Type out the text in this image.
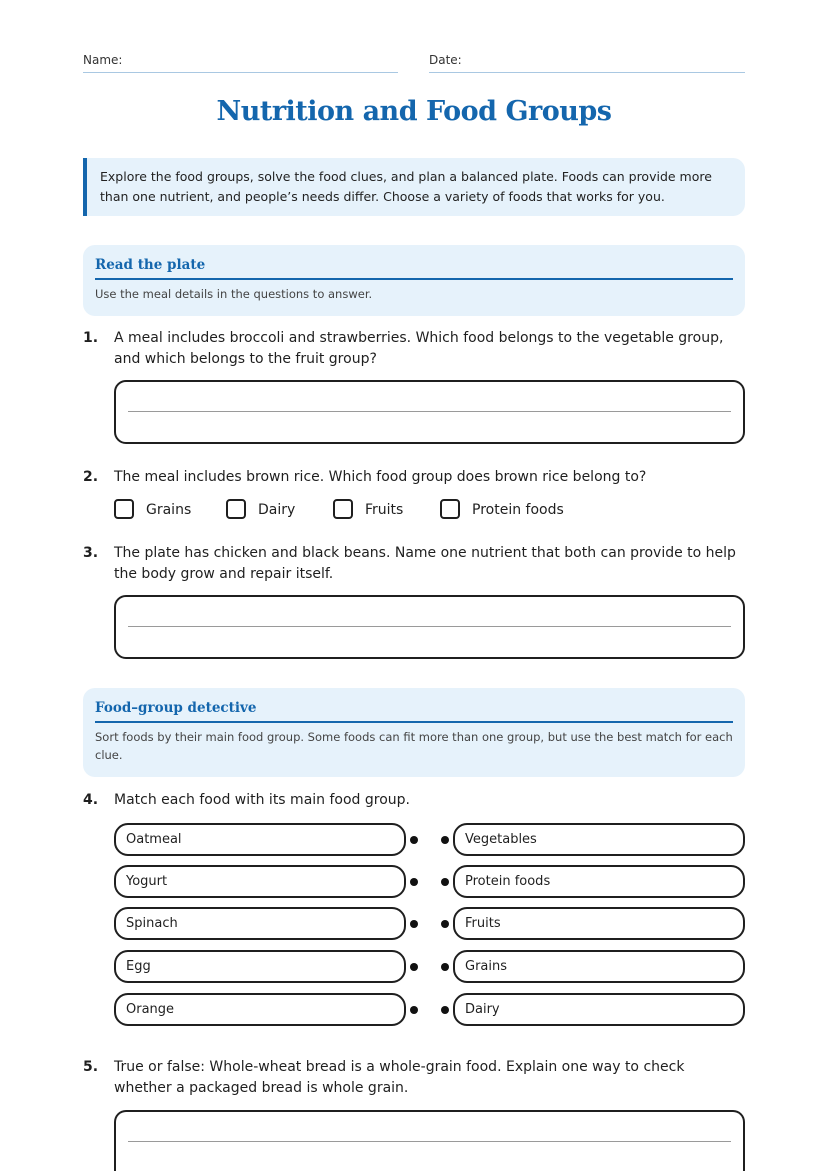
Name:	Date:
Nutrition and Food Groups
Explore the food groups, solve the food clues, and plan a balanced plate. Foods can provide more than one nutrient, and people’s needs differ. Choose a variety of foods that works for you.
Read the plate
Use the meal details in the questions to answer.
1. A meal includes broccoli and strawberries. Which food belongs to the vegetable group, and which belongs to the fruit group?
2. The meal includes brown rice. Which food group does brown rice belong to?
Grains	Dairy	Fruits	Protein foods
3. The plate has chicken and black beans. Name one nutrient that both can provide to help the body grow and repair itself.
Food–group detective
Sort foods by their main food group. Some foods can fit more than one group, but use the best match for each clue.
4. Match each food with its main food group.
Oatmeal	Vegetables
Yogurt	Protein foods
Spinach	Fruits
Egg	Grains
Orange	Dairy
5. True or false: Whole-wheat bread is a whole-grain food. Explain one way to check whether a packaged bread is whole grain.
